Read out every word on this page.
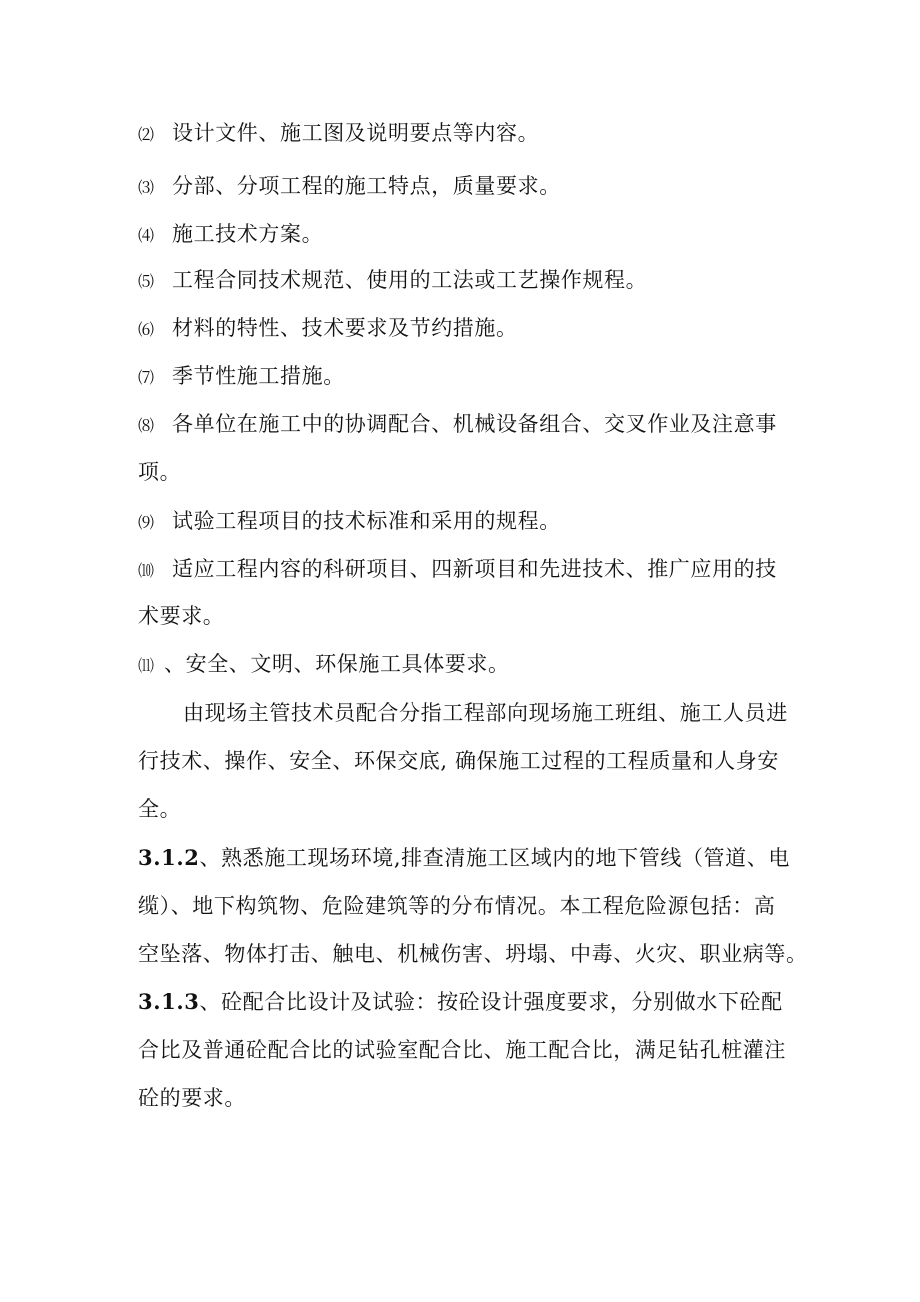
⑵ 设计文件、施工图及说明要点等内容。
⑶ 分部、分项工程的施工特点，质量要求。
⑷ 施工技术方案。
⑸ 工程合同技术规范、使用的工法或工艺操作规程。
⑹ 材料的特性、技术要求及节约措施。
⑺ 季节性施工措施。
⑻ 各单位在施工中的协调配合、机械设备组合、交叉作业及注意事
项。
⑼ 试验工程项目的技术标准和采用的规程。
⑽ 适应工程内容的科研项目、四新项目和先进技术、推广应用的技
术要求。
⑾ 、安全、文明、环保施工具体要求。
由现场主管技术员配合分指工程部向现场施工班组、施工人员进
行技术、操作、安全、环保交底, 确保施工过程的工程质量和人身安
全。
3.1.2、熟悉施工现场环境,排查清施工区域内的地下管线（管道、电
缆）、地下构筑物、危险建筑等的分布情况。本工程危险源包括：高
空坠落、物体打击、触电、机械伤害、坍塌、中毒、火灾、职业病等。
3.1.3、砼配合比设计及试验：按砼设计强度要求，分别做水下砼配
合比及普通砼配合比的试验室配合比、施工配合比，满足钻孔桩灌注
砼的要求。
